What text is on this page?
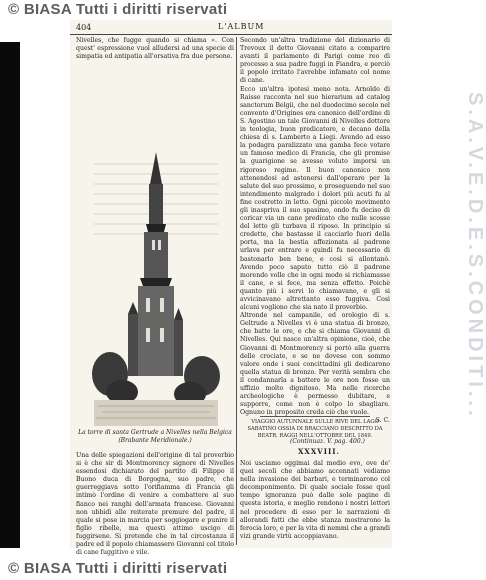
© BIASA Tutti i diritti riservati
404	L'ALBUM

Nivelles, che fugge quando si chiama ». Con quest' espressione vuol alludersi ad una specie di simpatia ed antipatia all'orsativa fra due persone.

La torre di santa Gertrude a Nivelles nella Belgica
(Brabante Meridionale.)

Una delle spiegazioni dell'origine di tal proverbio si è che sir di Montmorency signore di Nivelles essendosi dichiarato del partito di Filippo il Buono duca di Borgogna, suo padre, che guerreggiava sotto l'orifiamma di Francia gli intimò l'ordine di venire a combattere al suo fianco nei ranghi dell'armata francese. Giovanni non ubbidì alle reiterate premure del padre, il quale si pose in marcia per soggiogare e punire il figlio ribelle, ma questi attimo uscigo di fuggirsene. Si pretende che in tal circostanza il padre ed il popolo chiamassero Giovanni col titolo di cane fuggitivo e vile.

Secondo un'altra tradizione del dizionario di Trevoux il detto Giovanni citato a comparire avanti il parlamento di Parigi come reo di processo a sua padre fuggì in Fiandra, e perciò il popolo irritato l'avrebbe infamato col nome di cane.

Ecco un'altra ipotesi meno nota. Arnoldo di Raisse racconta nel suo hierarium ad catalog sanctorum Belgii, che nel duodecimo secolo nel convento d'Origines era canonico dell'ordine di S. Agostino un tale Giovanni di Nivelles dottore in teologia, buon predicatore, e decano della chiesa di s. Lamberto a Liegi. Avendo ad esso la podagra paralizzato una gamba fece votare un famoso medico di Francia, che gli promise la guarigione se avesse voluto imporsi un rigoroso regime. Il buon canonico non attenendosi ad astenersi dall'operare per la salute del suo prossimo, e proseguendo nel suo intendimento malgrado i dolori più acuti fu al fine costretto in letto. Ogni piccolo movimento gli inaspriva il suo spasimo, ondo fu deciso di coricar via un cane predicato che nulle scosse del letto gli turbava il riposo. In principio si credette, che bastasse il cacciarlo fuori della porta, ma la bestia affezionata al padrone urlava per entrare e quindi fu necessario di bastonarlo ben bene, e così si allontanò. Avendo poco saputo tutto ciò il padrone morendo volle che in ogni modo si richiamasse il cane, e si fece, ma senza effetto. Poichè quanto più i servi lo chiamavano, e gli si avvicinavano altrettanto esso fuggiva. Così alcuni vogliono che sia nato il proverbio.

Altronde nel campanile, ed orologio di s. Geltrude a Nivelles vi è una statua di bronzo, che batte le ore, e che si chiama Giovanni di Nivelles. Qui nasce un'altra opinione, cioè, che Giovanni di Montmorency si portò alla guerra delle crociate, e se ne dovese con sommo valore onde i suoi concittadini gli dedicarono quella statua di bronzo. Per verità sembra che il condannarla a battere le ore non fosse un uffizio molto dignitoso. Ma nelle ricerche archeologiche è permesso dubitare, e supporre, come non è colpo lo sbagliare. Ognuno in proposito creda ciò che vuole.

S. C.

VIAGGIO AUTUNNALE SULLE RIVE DEL LAGO SABATINO OSSIA DI BRACCIANO DESCRITTO DA BEATR. RAGGI NELL'OTTOBRE DEL 1849.
(Continuaz. V. pag. 400.)
XXXVIII.

Noi usciamo oggimai dal medio evo, ove de' quei secoli che abbiamo accennati vediamo nella invasione dei barbari, e terminarono col decomponimento. Di quale sociale fosse quel tempo ignoranza può dalle sole pagine di questa istoria, e meglio rendono i nostri lettori nel procedere di esso per le narrazioni di allorandi fatti che ebbe stanza mostrarono la ferocia loro, e per la vita di nemmi che a grandi vizi grande virtù accoppiavano.

S.A.V.E.D.E.S.CONDITI...
© BIASA Tutti i diritti riservati
